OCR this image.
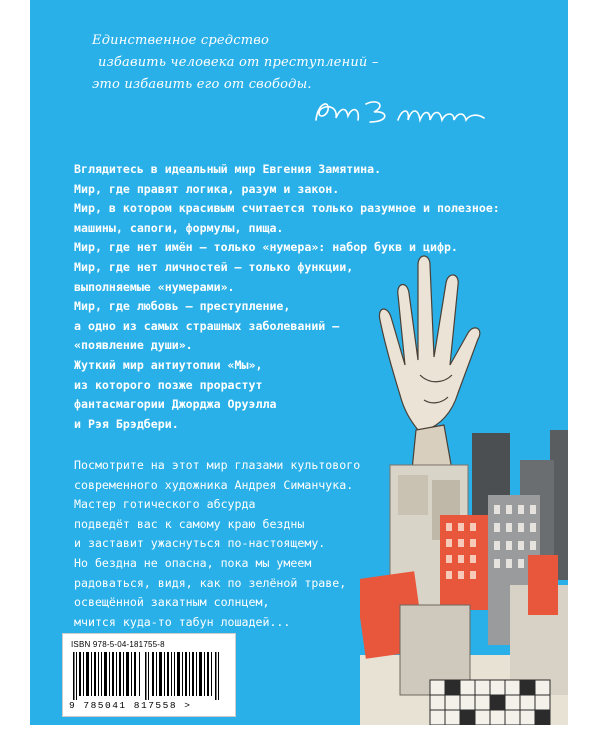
Единственное средство
избавить человека от преступлений –
это избавить его от свободы.
Вглядитесь в идеальный мир Евгения Замятина.
Мир, где правят логика, разум и закон.
Мир, в котором красивым считается только разумное и полезное:
машины, сапоги, формулы, пища.
Мир, где нет имён – только «нумера»: набор букв и цифр.
Мир, где нет личностей – только функции,
выполняемые «нумерами».
Мир, где любовь – преступление,
а одно из самых страшных заболеваний –
«появление души».
Жуткий мир антиутопии «Мы»,
из которого позже прорастут
фантасмагории Джорджа Оруэлла
и Рэя Брэдбери.
Посмотрите на этот мир глазами культового
современного художника Андрея Симанчука.
Мастер готического абсурда
подведёт вас к самому краю бездны
и заставит ужаснуться по-настоящему.
Но бездна не опасна, пока мы умеем
радоваться, видя, как по зелёной траве,
освещённой закатным солнцем,
мчится куда-то табун лошадей...
ISBN 978-5-04-181755-8
9 785041 817558 >
